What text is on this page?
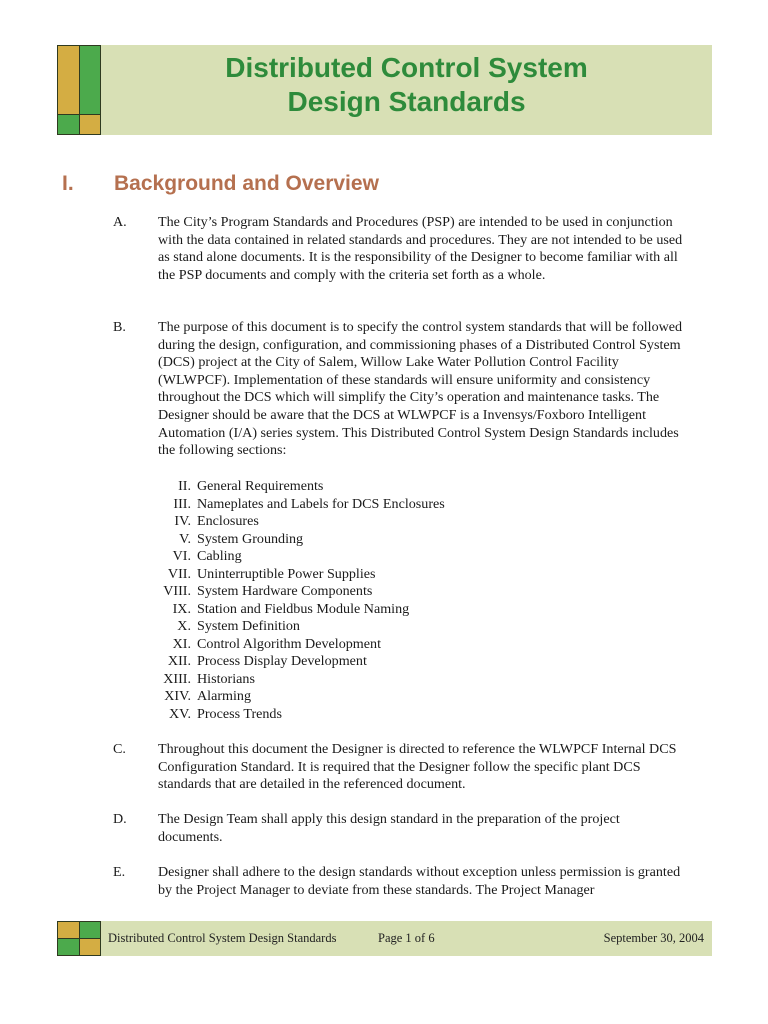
Distributed Control System
Design Standards
I. Background and Overview
A. The City’s Program Standards and Procedures (PSP) are intended to be used in conjunction with the data contained in related standards and procedures. They are not intended to be used as stand alone documents. It is the responsibility of the Designer to become familiar with all the PSP documents and comply with the criteria set forth as a whole.
B. The purpose of this document is to specify the control system standards that will be followed during the design, configuration, and commissioning phases of a Distributed Control System (DCS) project at the City of Salem, Willow Lake Water Pollution Control Facility (WLWPCF). Implementation of these standards will ensure uniformity and consistency throughout the DCS which will simplify the City’s operation and maintenance tasks. The Designer should be aware that the DCS at WLWPCF is a Invensys/Foxboro Intelligent Automation (I/A) series system. This Distributed Control System Design Standards includes the following sections:
II. General Requirements
III. Nameplates and Labels for DCS Enclosures
IV. Enclosures
V. System Grounding
VI. Cabling
VII. Uninterruptible Power Supplies
VIII. System Hardware Components
IX. Station and Fieldbus Module Naming
X. System Definition
XI. Control Algorithm Development
XII. Process Display Development
XIII. Historians
XIV. Alarming
XV. Process Trends
C. Throughout this document the Designer is directed to reference the WLWPCF Internal DCS Configuration Standard. It is required that the Designer follow the specific plant DCS standards that are detailed in the referenced document.
D. The Design Team shall apply this design standard in the preparation of the project documents.
E. Designer shall adhere to the design standards without exception unless permission is granted by the Project Manager to deviate from these standards. The Project Manager
Distributed Control System Design Standards	Page 1 of 6	September 30, 2004
